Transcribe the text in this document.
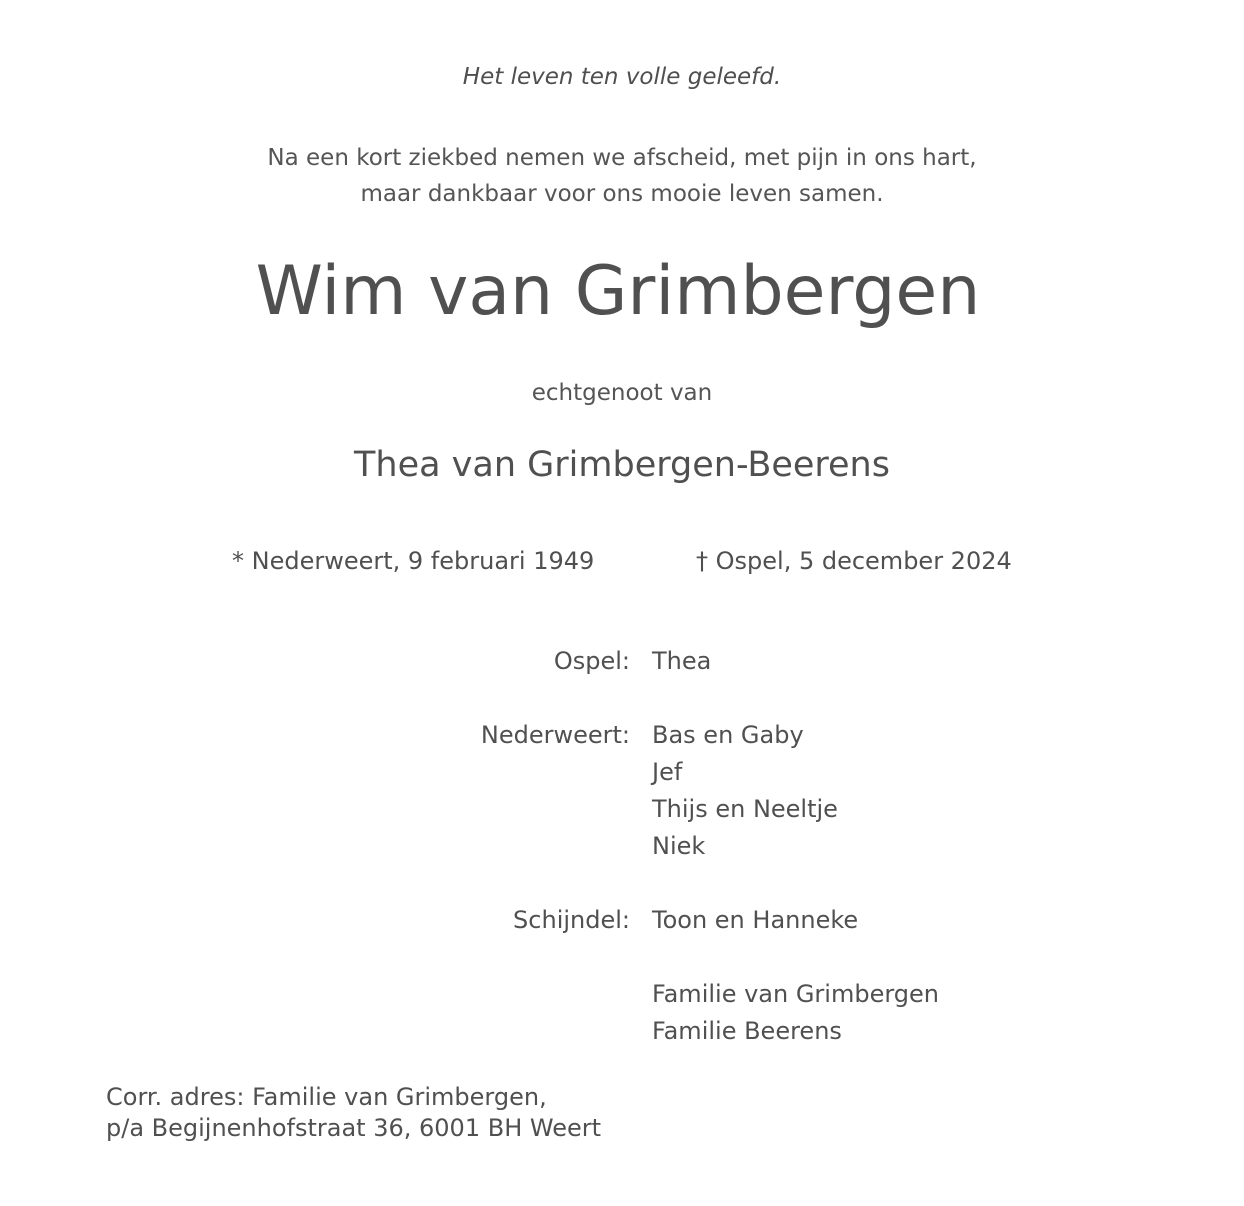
Het leven ten volle geleefd.
Na een kort ziekbed nemen we afscheid, met pijn in ons hart,
maar dankbaar voor ons mooie leven samen.
Wim van Grimbergen
echtgenoot van
Thea van Grimbergen-Beerens
* Nederweert, 9 februari 1949	† Ospel, 5 december 2024
Ospel: Thea
Nederweert: Bas en Gaby
Jef
Thijs en Neeltje
Niek
Schijndel: Toon en Hanneke
Familie van Grimbergen
Familie Beerens
Corr. adres: Familie van Grimbergen,
p/a Begijnenhofstraat 36, 6001 BH Weert
